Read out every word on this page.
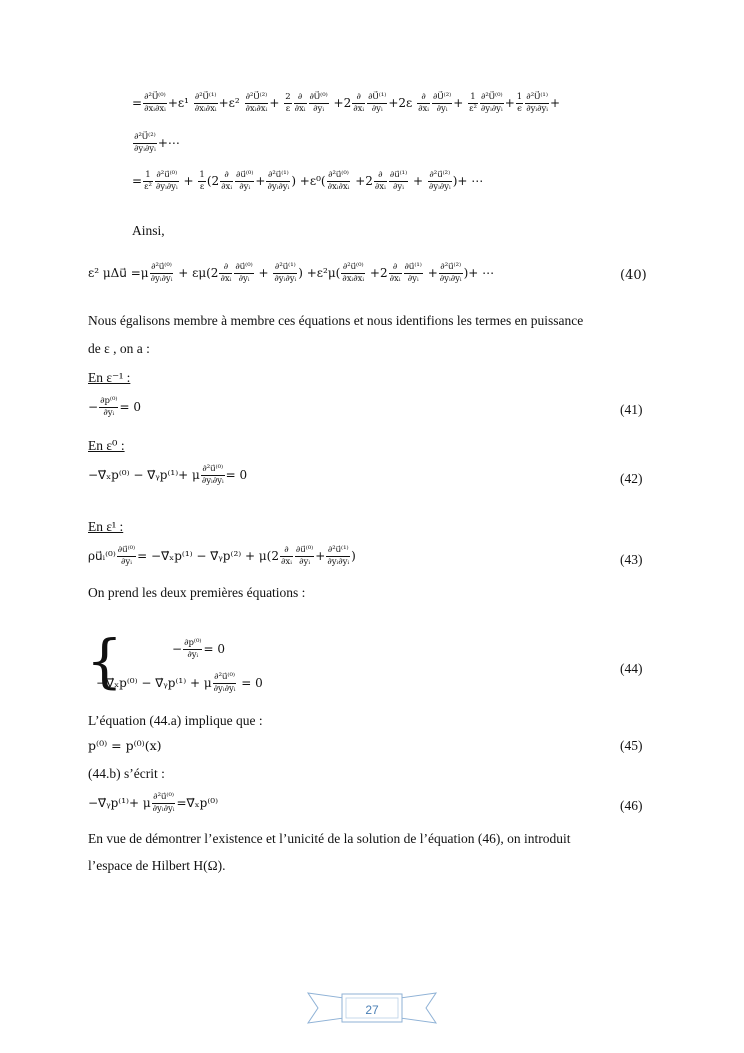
= $\frac{\text{∂²U⃗⁽⁰⁾}}{\text{∂xᵢ∂xᵢ}} +\varepsilon^1 \frac{\text{∂²U⃗⁽¹⁾}}{\text{∂xᵢ∂xᵢ}} +\varepsilon^2 \frac{\text{∂²U⃗⁽²⁾}}{\text{∂xᵢ∂xᵢ}} + \frac{2}{\varepsilon} \frac{\partial}{\text{∂xᵢ}} \frac{\text{∂U⃗⁽⁰⁾}}{\text{∂yᵢ}} +2 \frac{\partial}{\text{∂xᵢ}} \frac{\text{∂U⃗⁽¹⁾}}{\text{∂yᵢ}} +2\varepsilon \frac{\partial}{\text{∂xᵢ}} \frac{\text{∂U⃗⁽²⁾}}{\text{∂yᵢ}} + \frac{1}{\text{ε²}} \frac{\text{∂²U⃗⁽⁰⁾}}{\text{∂yᵢ∂yᵢ}} + \frac{1}{\epsilon} \frac{\text{∂²U⃗⁽¹⁾}}{\text{∂yᵢ∂yᵢ}}$ +
$\frac{\text{∂²U⃗⁽²⁾}}{\text{∂yᵢ∂yᵢ}}$ +⋯
= $\frac{1}{\text{ε²}} \frac{\text{∂²u⃗⁽⁰⁾}}{\text{∂yᵢ∂yᵢ}} + \frac{1}{\varepsilon} (2 \frac{\partial}{\text{∂xᵢ}} \frac{\text{∂u⃗⁽⁰⁾}}{\text{∂yᵢ}} + \frac{\text{∂²u⃗⁽¹⁾}}{\text{∂yᵢ∂yᵢ}}$ ) $+\varepsilon^0( \frac{\text{∂²u⃗⁽⁰⁾}}{\text{∂xᵢ∂xᵢ}} +2 \frac{\partial}{\text{∂xᵢ}} \frac{\text{∂u⃗⁽¹⁾}}{\text{∂yᵢ}} + \frac{\text{∂²u⃗⁽²⁾}}{\text{∂yᵢ∂yᵢ}}$ )+ ⋯
Ainsi,
ε² μΔu⃗ $=\mu \frac{\text{∂²u⃗⁽⁰⁾}}{\text{∂yᵢ∂yᵢ}} + \varepsilon\mu(2 \frac{\partial}{\text{∂xᵢ}} \frac{\text{∂u⃗⁽⁰⁾}}{\text{∂yᵢ}} + \frac{\text{∂²u⃗⁽¹⁾}}{\text{∂yᵢ∂yᵢ}}$ ) $+\varepsilon^2\mu( \frac{\text{∂²u⃗⁽⁰⁾}}{\text{∂xᵢ∂xᵢ}} +2 \frac{\partial}{\text{∂xᵢ}} \frac{\text{∂u⃗⁽¹⁾}}{\text{∂yᵢ}} + \frac{\text{∂²u⃗⁽²⁾}}{\text{∂yᵢ∂yᵢ}}$ )+ ⋯	(40)
Nous égalisons membre à membre ces équations et nous identifions les termes en puissance
de ε , on a :
En ε⁻¹ :
− $\frac{\text{∂p⁽⁰⁾}}{\text{∂yᵢ}} = 0$	(41)
En ε⁰ :
−∇⃗ₓp⁽⁰⁾ − ∇⃗ᵧp⁽¹⁾+ μ $\frac{\text{∂²u⃗⁽⁰⁾}}{\text{∂yᵢ∂yᵢ}} = 0$	(42)
En ε¹ :
ρu⃗ᵢ⁽⁰⁾ $\frac{\text{∂u⃗⁽⁰⁾}}{\text{∂yᵢ}}$ = −∇⃗ₓp⁽¹⁾ − ∇⃗ᵧp⁽²⁾ + $\mu(2 \frac{\partial}{\text{∂xᵢ}} \frac{\text{∂u⃗⁽⁰⁾}}{\text{∂yᵢ}} + \frac{\text{∂²u⃗⁽¹⁾}}{\text{∂yᵢ∂yᵢ}}$ )	(43)
On prend les deux premières équations :
{	− $\frac{\text{∂p⁽⁰⁾}}{\text{∂yᵢ}} = 0$
−∇⃗ₓp⁽⁰⁾ − ∇⃗ᵧp⁽¹⁾ + μ $\frac{\text{∂²u⃗⁽⁰⁾}}{\text{∂yᵢ∂yᵢ}} = 0$
(44)
L’équation (44.a) implique que :
p⁽⁰⁾ = p⁽⁰⁾(x)	(45)
(44.b) s’écrit :
−∇⃗ᵧp⁽¹⁾+ μ $\frac{\text{∂²u⃗⁽⁰⁾}}{\text{∂yᵢ∂yᵢ}}$ =∇⃗ₓp⁽⁰⁾	(46)
En vue de démontrer l’existence et l’unicité de la solution de l’équation (46), on introduit
l’espace de Hilbert H(Ω).
27
